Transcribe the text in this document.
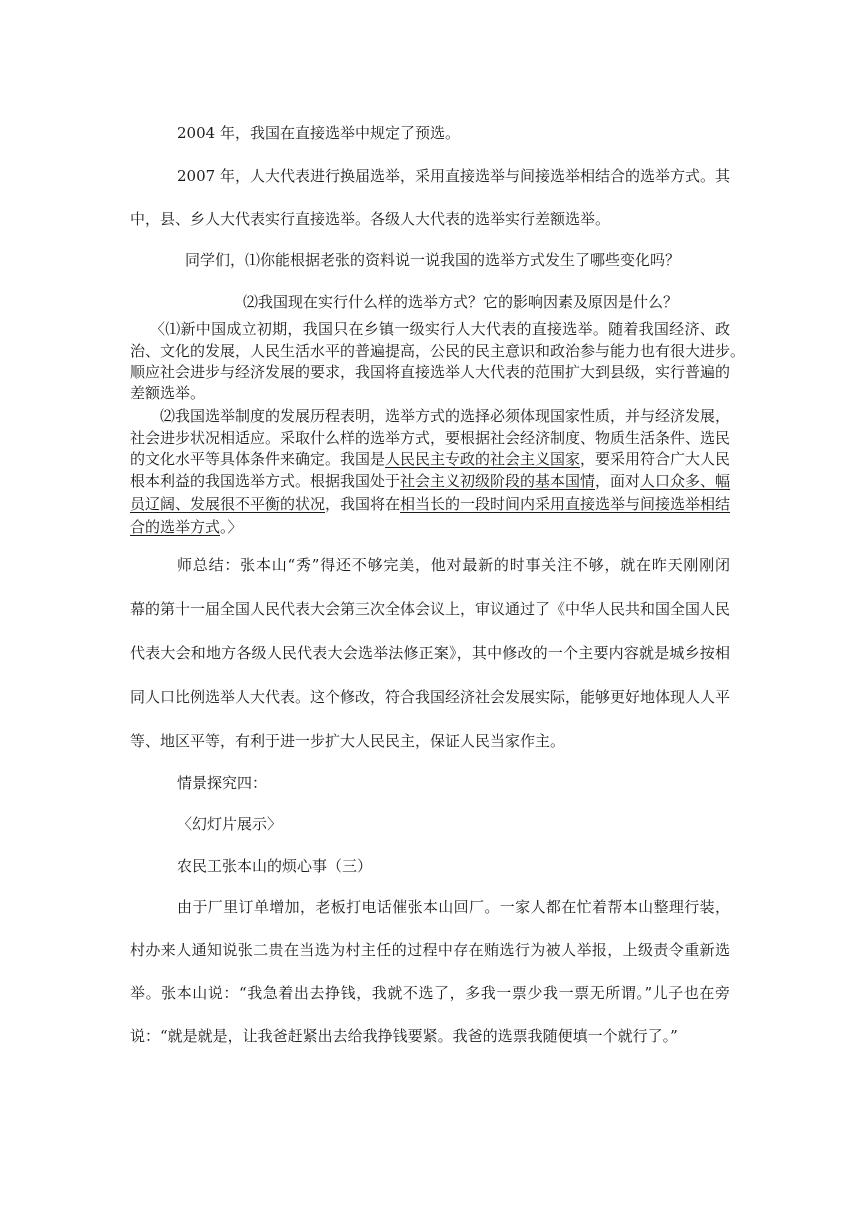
2004 年，我国在直接选举中规定了预选。
2007 年，人大代表进行换届选举，采用直接选举与间接选举相结合的选举方式。其
中，县、乡人大代表实行直接选举。各级人大代表的选举实行差额选举。
同学们，⑴你能根据老张的资料说一说我国的选举方式发生了哪些变化吗？
⑵我国现在实行什么样的选举方式？它的影响因素及原因是什么？
〈⑴新中国成立初期，我国只在乡镇一级实行人大代表的直接选举。随着我国经济、政
治、文化的发展，人民生活水平的普遍提高，公民的民主意识和政治参与能力也有很大进步。
顺应社会进步与经济发展的要求，我国将直接选举人大代表的范围扩大到县级，实行普遍的
差额选举。
⑵我国选举制度的发展历程表明，选举方式的选择必须体现国家性质，并与经济发展，
社会进步状况相适应。采取什么样的选举方式，要根据社会经济制度、物质生活条件、选民
的文化水平等具体条件来确定。我国是人民民主专政的社会主义国家，要采用符合广大人民
根本利益的我国选举方式。根据我国处于社会主义初级阶段的基本国情，面对人口众多、幅
员辽阔、发展很不平衡的状况，我国将在相当长的一段时间内采用直接选举与间接选举相结
合的选举方式。〉
师总结：张本山“秀”得还不够完美，他对最新的时事关注不够，就在昨天刚刚闭
幕的第十一届全国人民代表大会第三次全体会议上，审议通过了《中华人民共和国全国人民
代表大会和地方各级人民代表大会选举法修正案》，其中修改的一个主要内容就是城乡按相
同人口比例选举人大代表。这个修改，符合我国经济社会发展实际，能够更好地体现人人平
等、地区平等，有利于进一步扩大人民民主，保证人民当家作主。
情景探究四：
〈幻灯片展示〉
农民工张本山的烦心事（三）
由于厂里订单增加，老板打电话催张本山回厂。一家人都在忙着帮本山整理行装，
村办来人通知说张二贵在当选为村主任的过程中存在贿选行为被人举报，上级责令重新选
举。张本山说：“我急着出去挣钱，我就不选了，多我一票少我一票无所谓。”儿子也在旁
说：“就是就是，让我爸赶紧出去给我挣钱要紧。我爸的选票我随便填一个就行了。”
